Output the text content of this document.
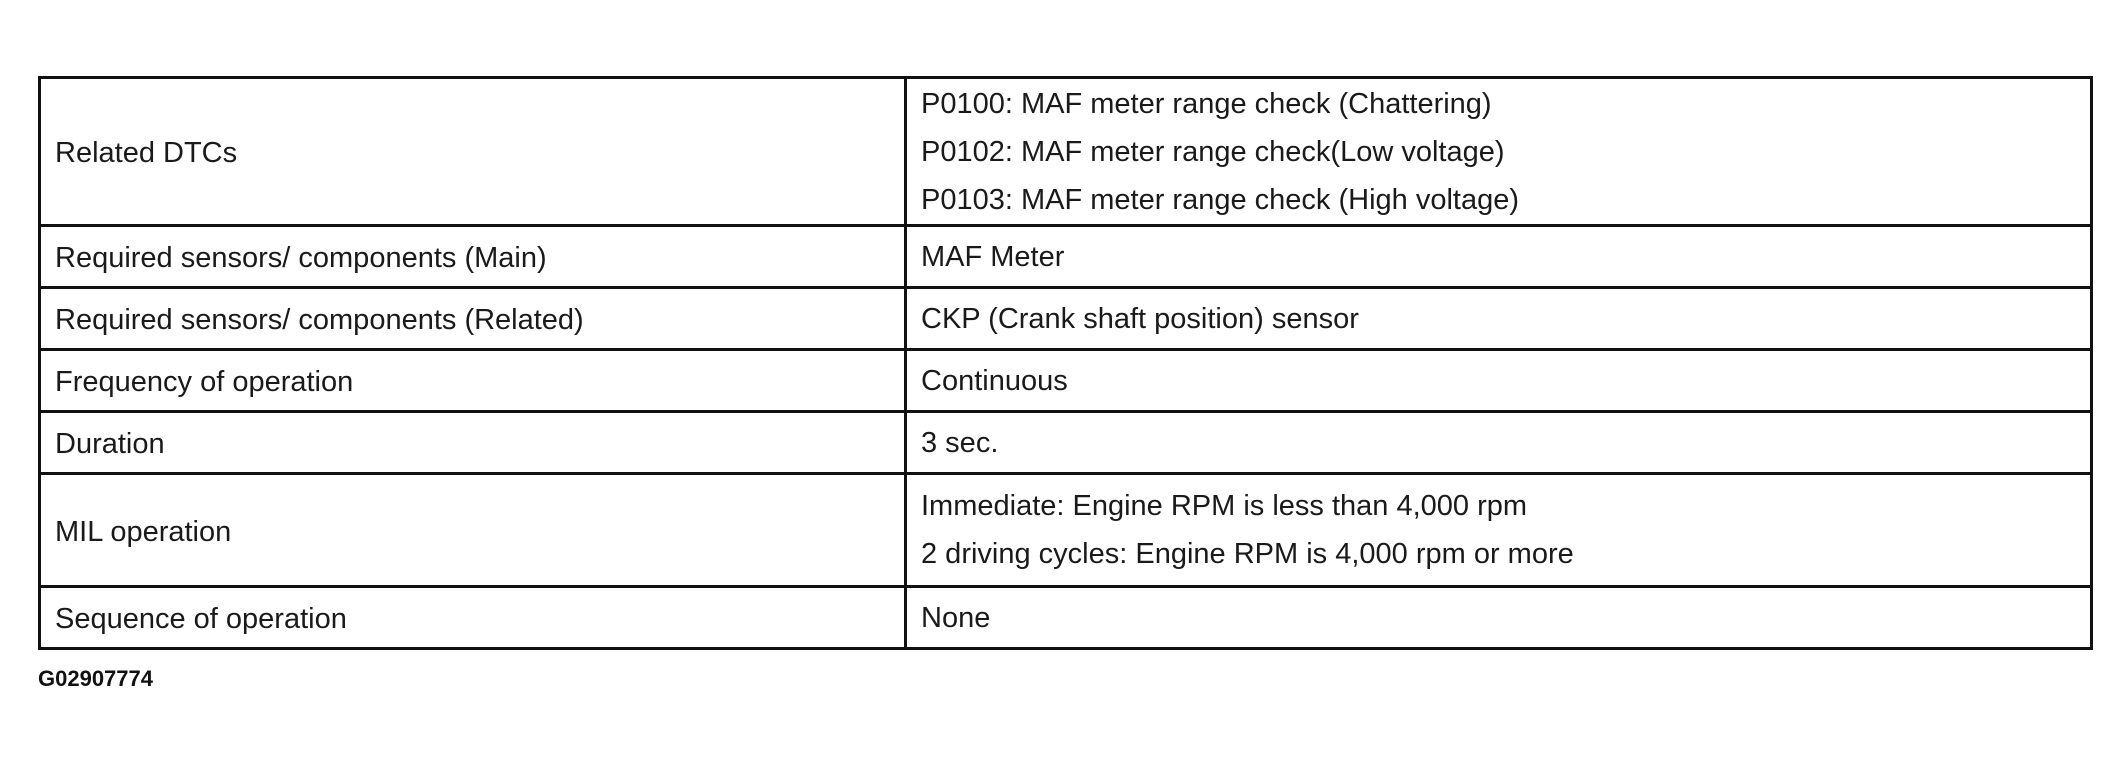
Related DTCs	P0100: MAF meter range check (Chattering)
P0102: MAF meter range check(Low voltage)
P0103: MAF meter range check (High voltage)

Required sensors/ components (Main)	MAF Meter

Required sensors/ components (Related)	CKP (Crank shaft position) sensor

Frequency of operation	Continuous

Duration	3 sec.

MIL operation	Immediate: Engine RPM is less than 4,000 rpm
2 driving cycles: Engine RPM is 4,000 rpm or more

Sequence of operation	None
G02907774
